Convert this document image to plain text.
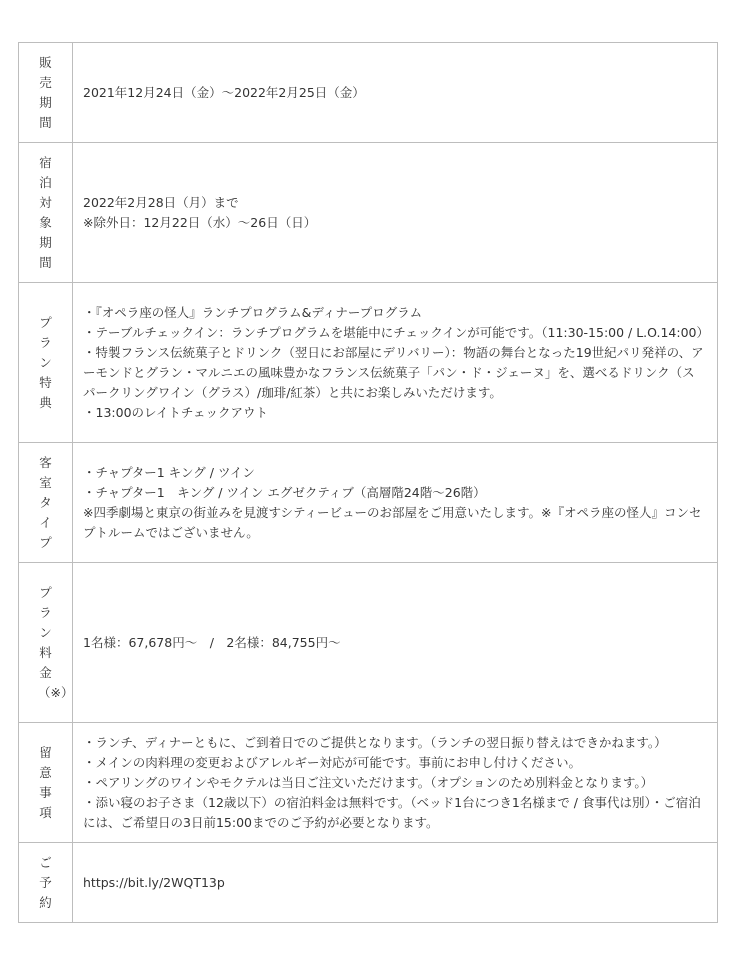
販売期間	2021年12月24日（金）～2022年2月25日（金）

宿泊対象期間	2022年2月28日（月）まで
※除外日：12月22日（水）～26日（日）

プラン特典	・『オペラ座の怪人』ランチプログラム&ディナープログラム
・テーブルチェックイン：ランチプログラムを堪能中にチェックインが可能です。（11:30-15:00 / L.O.14:00）
・特製フランス伝統菓子とドリンク（翌日にお部屋にデリバリー）：物語の舞台となった19世紀パリ発祥の、アーモンドとグラン・マルニエの風味豊かなフランス伝統菓子「パン・ド・ジェーヌ」を、選べるドリンク（スパークリングワイン（グラス）/珈琲/紅茶）と共にお楽しみいただけます。
・13:00のレイトチェックアウト

客室タイプ	・チャプター1 キング / ツイン
・チャプター1　キング / ツイン エグゼクティブ（高層階24階～26階）
※四季劇場と東京の街並みを見渡すシティービューのお部屋をご用意いたします。※『オペラ座の怪人』コンセプトルームではございません。

プラン料金（※）	1名様：67,678円～　/　2名様：84,755円～

留意事項	・ランチ、ディナーともに、ご到着日でのご提供となります。（ランチの翌日振り替えはできかねます。）
・メインの肉料理の変更およびアレルギー対応が可能です。事前にお申し付けください。
・ペアリングのワインやモクテルは当日ご注文いただけます。（オプションのため別料金となります。）
・添い寝のお子さま（12歳以下）の宿泊料金は無料です。（ベッド1台につき1名様まで / 食事代は別）・ご宿泊には、ご希望日の3日前15:00までのご予約が必要となります。

ご予約	https://bit.ly/2WQT13p
